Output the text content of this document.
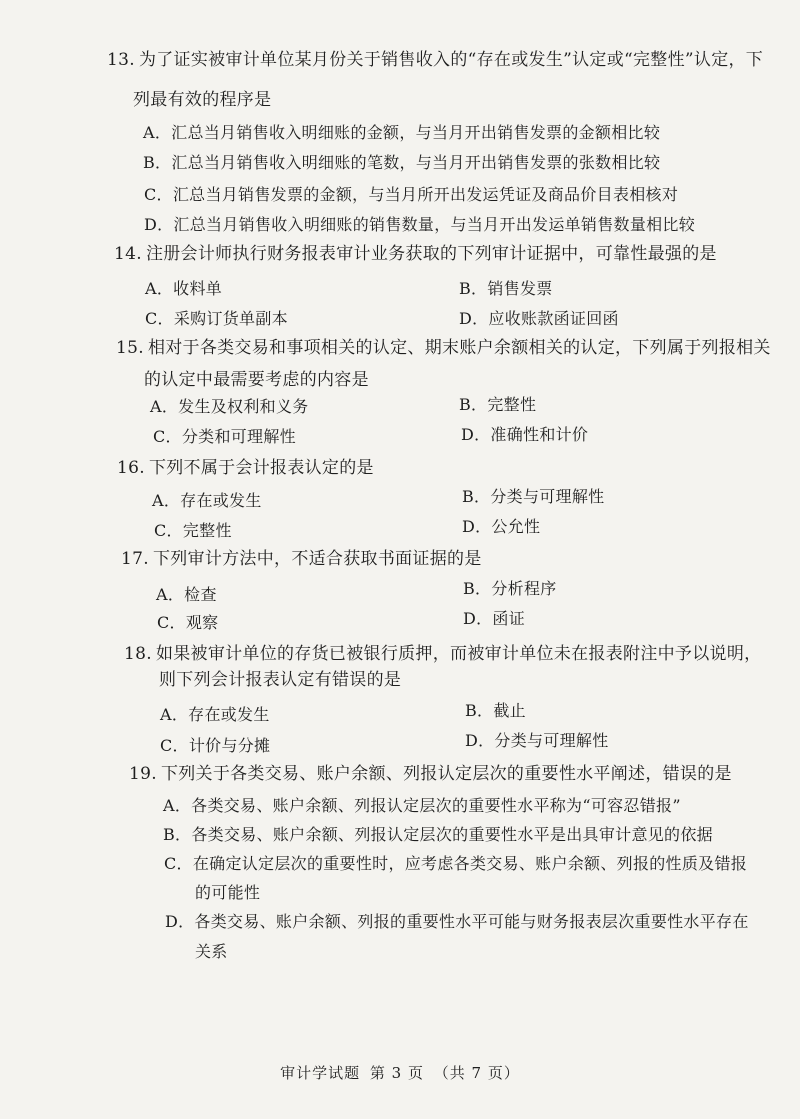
13. 为了证实被审计单位某月份关于销售收入的“存在或发生”认定或“完整性”认定，下
列最有效的程序是
A．汇总当月销售收入明细账的金额，与当月开出销售发票的金额相比较
B．汇总当月销售收入明细账的笔数，与当月开出销售发票的张数相比较
C．汇总当月销售发票的金额，与当月所开出发运凭证及商品价目表相核对
D．汇总当月销售收入明细账的销售数量，与当月开出发运单销售数量相比较
14. 注册会计师执行财务报表审计业务获取的下列审计证据中，可靠性最强的是
A．收料单	B．销售发票
C．采购订货单副本	D．应收账款函证回函
15. 相对于各类交易和事项相关的认定、期末账户余额相关的认定，下列属于列报相关
的认定中最需要考虑的内容是
A．发生及权利和义务	B．完整性
C．分类和可理解性	D．准确性和计价
16. 下列不属于会计报表认定的是
A．存在或发生	B．分类与可理解性
C．完整性	D．公允性
17. 下列审计方法中，不适合获取书面证据的是
A．检查	B．分析程序
C．观察	D．函证
18. 如果被审计单位的存货已被银行质押，而被审计单位未在报表附注中予以说明，
则下列会计报表认定有错误的是
A．存在或发生	B．截止
C．计价与分摊	D．分类与可理解性
19. 下列关于各类交易、账户余额、列报认定层次的重要性水平阐述，错误的是
A．各类交易、账户余额、列报认定层次的重要性水平称为“可容忍错报”
B．各类交易、账户余额、列报认定层次的重要性水平是出具审计意见的依据
C．在确定认定层次的重要性时，应考虑各类交易、账户余额、列报的性质及错报
的可能性
D．各类交易、账户余额、列报的重要性水平可能与财务报表层次重要性水平存在
关系
审计学试题 第 3 页 （共 7 页）
